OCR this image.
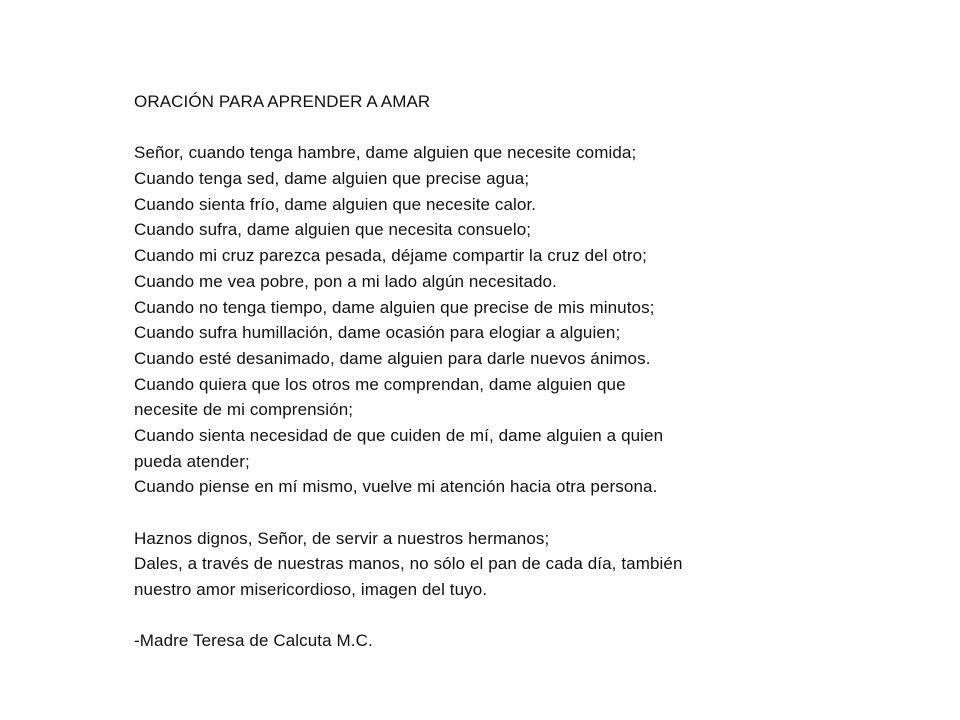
ORACIÓN PARA APRENDER A AMAR
Señor, cuando tenga hambre, dame alguien que necesite comida;
Cuando tenga sed, dame alguien que precise agua;
Cuando sienta frío, dame alguien que necesite calor.
Cuando sufra, dame alguien que necesita consuelo;
Cuando mi cruz parezca pesada, déjame compartir la cruz del otro;
Cuando me vea pobre, pon a mi lado algún necesitado.
Cuando no tenga tiempo, dame alguien que precise de mis minutos;
Cuando sufra humillación, dame ocasión para elogiar a alguien;
Cuando esté desanimado, dame alguien para darle nuevos ánimos.
Cuando quiera que los otros me comprendan, dame alguien que
necesite de mi comprensión;
Cuando sienta necesidad de que cuiden de mí, dame alguien a quien
pueda atender;
Cuando piense en mí mismo, vuelve mi atención hacia otra persona.
Haznos dignos, Señor, de servir a nuestros hermanos;
Dales, a través de nuestras manos, no sólo el pan de cada día, también
nuestro amor misericordioso, imagen del tuyo.
-Madre Teresa de Calcuta M.C.
